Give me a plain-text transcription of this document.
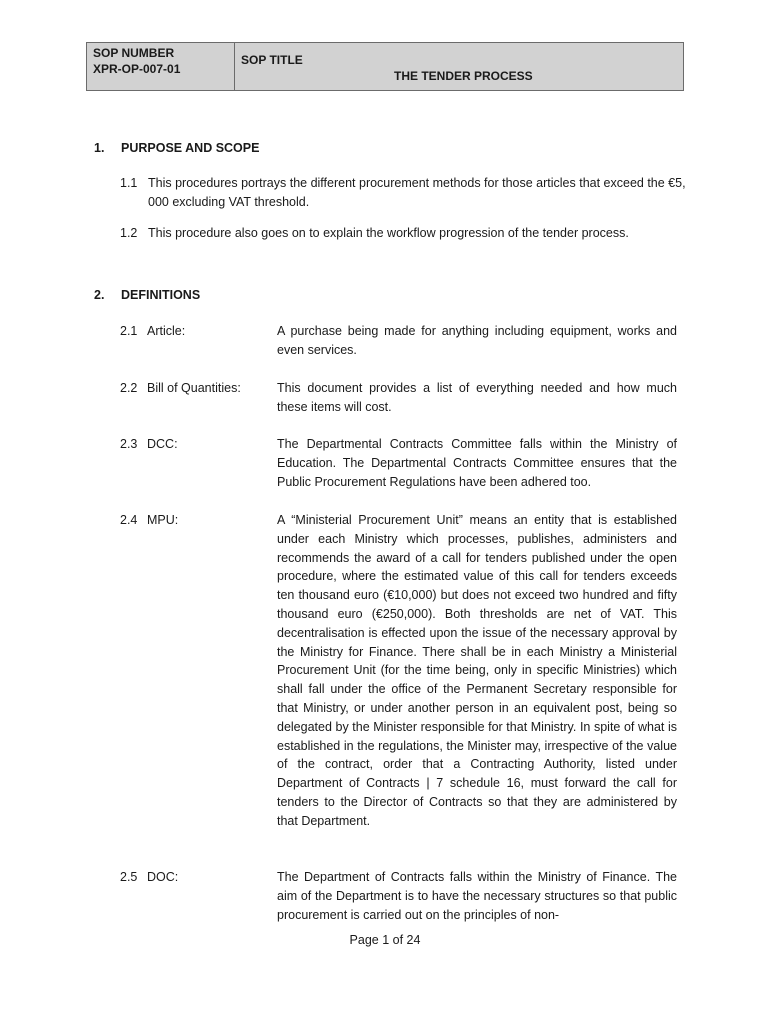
SOP NUMBER
XPR-OP-007-01
SOP TITLE
THE TENDER PROCESS
1. PURPOSE AND SCOPE
1.1 This procedures portrays the different procurement methods for those articles that exceed the €5, 000 excluding VAT threshold.
1.2 This procedure also goes on to explain the workflow progression of the tender process.
2. DEFINITIONS
2.1 Article:	A purchase being made for anything including equipment, works and even services.
2.2 Bill of Quantities:	This document provides a list of everything needed and how much these items will cost.
2.3 DCC:	The Departmental Contracts Committee falls within the Ministry of Education. The Departmental Contracts Committee ensures that the Public Procurement Regulations have been adhered too.
2.4 MPU:	A “Ministerial Procurement Unit” means an entity that is established under each Ministry which processes, publishes, administers and recommends the award of a call for tenders published under the open procedure, where the estimated value of this call for tenders exceeds ten thousand euro (€10,000) but does not exceed two hundred and fifty thousand euro (€250,000). Both thresholds are net of VAT. This decentralisation is effected upon the issue of the necessary approval by the Ministry for Finance. There shall be in each Ministry a Ministerial Procurement Unit (for the time being, only in specific Ministries) which shall fall under the office of the Permanent Secretary responsible for that Ministry, or under another person in an equivalent post, being so delegated by the Minister responsible for that Ministry. In spite of what is established in the regulations, the Minister may, irrespective of the value of the contract, order that a Contracting Authority, listed under Department of Contracts | 7 schedule 16, must forward the call for tenders to the Director of Contracts so that they are administered by that Department.
2.5 DOC:	The Department of Contracts falls within the Ministry of Finance. The aim of the Department is to have the necessary structures so that public procurement is carried out on the principles of non-
Page 1 of 24
